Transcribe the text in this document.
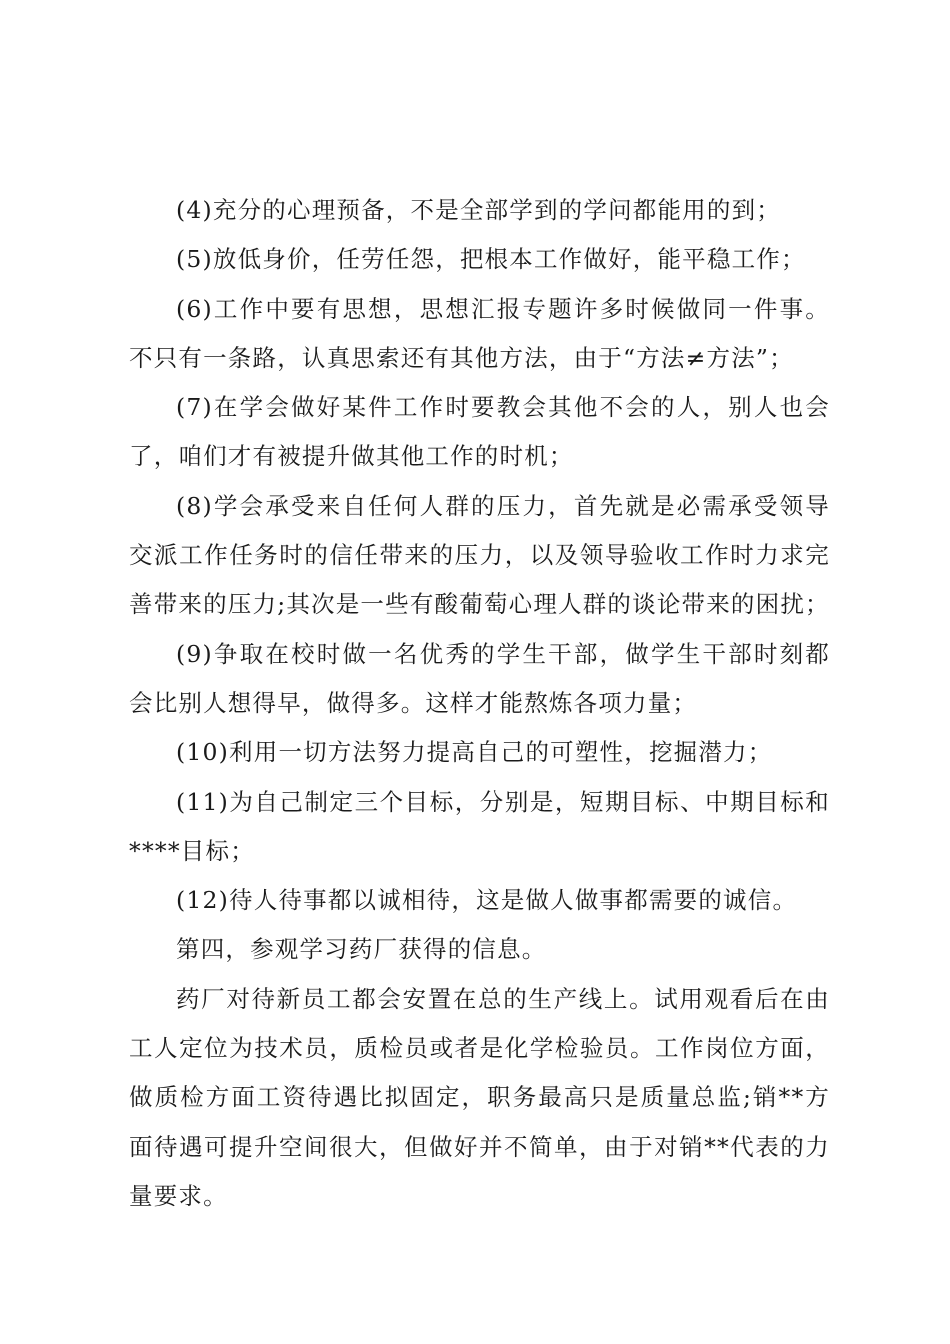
(4)充分的心理预备，不是全部学到的学问都能用的到；

(5)放低身价，任劳任怨，把根本工作做好，能平稳工作；

(6)工作中要有思想，思想汇报专题许多时候做同一件事。不只有一条路，认真思索还有其他方法，由于“方法≠方法”；

(7)在学会做好某件工作时要教会其他不会的人，别人也会了，咱们才有被提升做其他工作的时机；

(8)学会承受来自任何人群的压力，首先就是必需承受领导交派工作任务时的信任带来的压力，以及领导验收工作时力求完善带来的压力;其次是一些有酸葡萄心理人群的谈论带来的困扰；

(9)争取在校时做一名优秀的学生干部，做学生干部时刻都会比别人想得早，做得多。这样才能熬炼各项力量；

(10)利用一切方法努力提高自己的可塑性，挖掘潜力；

(11)为自己制定三个目标，分别是，短期目标、中期目标和****目标；

(12)待人待事都以诚相待，这是做人做事都需要的诚信。

第四，参观学习药厂获得的信息。

药厂对待新员工都会安置在总的生产线上。试用观看后在由工人定位为技术员，质检员或者是化学检验员。工作岗位方面，做质检方面工资待遇比拟固定，职务最高只是质量总监;销**方面待遇可提升空间很大，但做好并不简单，由于对销**代表的力量要求。
